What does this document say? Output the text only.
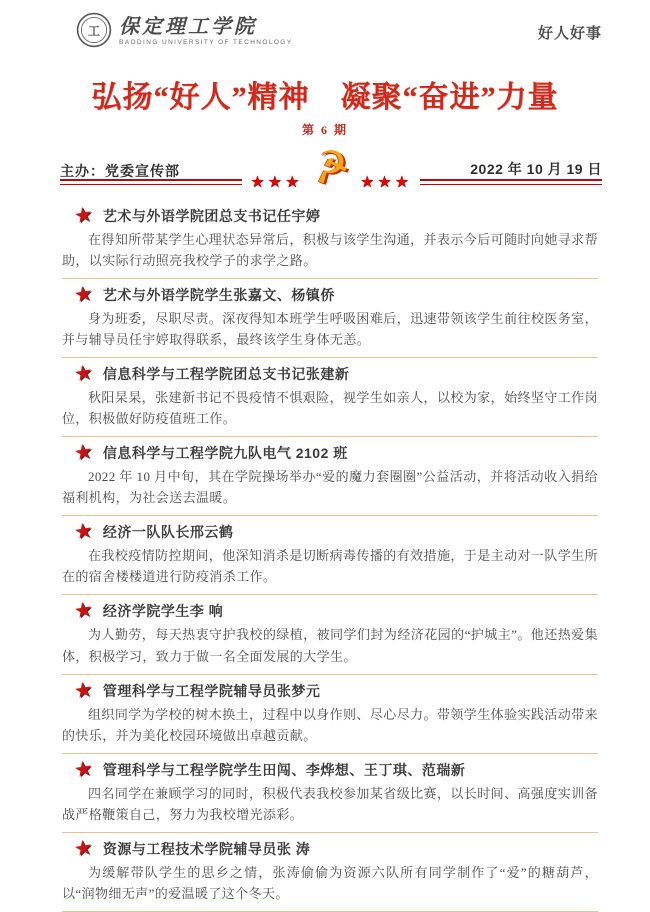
工 保定理工学院
BAODING UNIVERSITY OF TECHNOLOGY	好人好事
弘扬“好人”精神　凝聚“奋进”力量
第 6 期
主办：党委宣传部	2022 年 10 月 19 日
★★★ ☭ ★★★
★ 艺术与外语学院团总支书记任宇婷

在得知所带某学生心理状态异常后，积极与该学生沟通，并表示今后可随时向她寻求帮助，以实际行动照亮我校学子的求学之路。

★ 艺术与外语学院学生张嘉文、杨镇侨

身为班委，尽职尽责。深夜得知本班学生呼吸困难后，迅速带领该学生前往校医务室，并与辅导员任宇婷取得联系，最终该学生身体无恙。

★ 信息科学与工程学院团总支书记张建新

秋阳杲杲，张建新书记不畏疫情不惧艰险，视学生如亲人，以校为家，始终坚守工作岗位，积极做好防疫值班工作。

★ 信息科学与工程学院九队电气 2102 班

2022 年 10 月中旬，其在学院操场举办“爱的魔力套圈圈”公益活动，并将活动收入捐给福利机构，为社会送去温暖。

★ 经济一队队长邢云鹤

在我校疫情防控期间，他深知消杀是切断病毒传播的有效措施，于是主动对一队学生所在的宿舍楼楼道进行防疫消杀工作。

★ 经济学院学生李 响

为人勤劳，每天热衷守护我校的绿植，被同学们封为经济花园的“护城主”。他还热爱集体，积极学习，致力于做一名全面发展的大学生。

★ 管理科学与工程学院辅导员张梦元

组织同学为学校的树木换土，过程中以身作则、尽心尽力。带领学生体验实践活动带来的快乐，并为美化校园环境做出卓越贡献。

★ 管理科学与工程学院学生田闯、李烨想、王丁琪、范瑞新

四名同学在兼顾学习的同时，积极代表我校参加某省级比赛，以长时间、高强度实训备战严格鞭策自己，努力为我校增光添彩。

★ 资源与工程技术学院辅导员张 涛

为缓解带队学生的思乡之情，张涛偷偷为资源六队所有同学制作了“爱”的糖葫芦，以“润物细无声”的爱温暖了这个冬天。
